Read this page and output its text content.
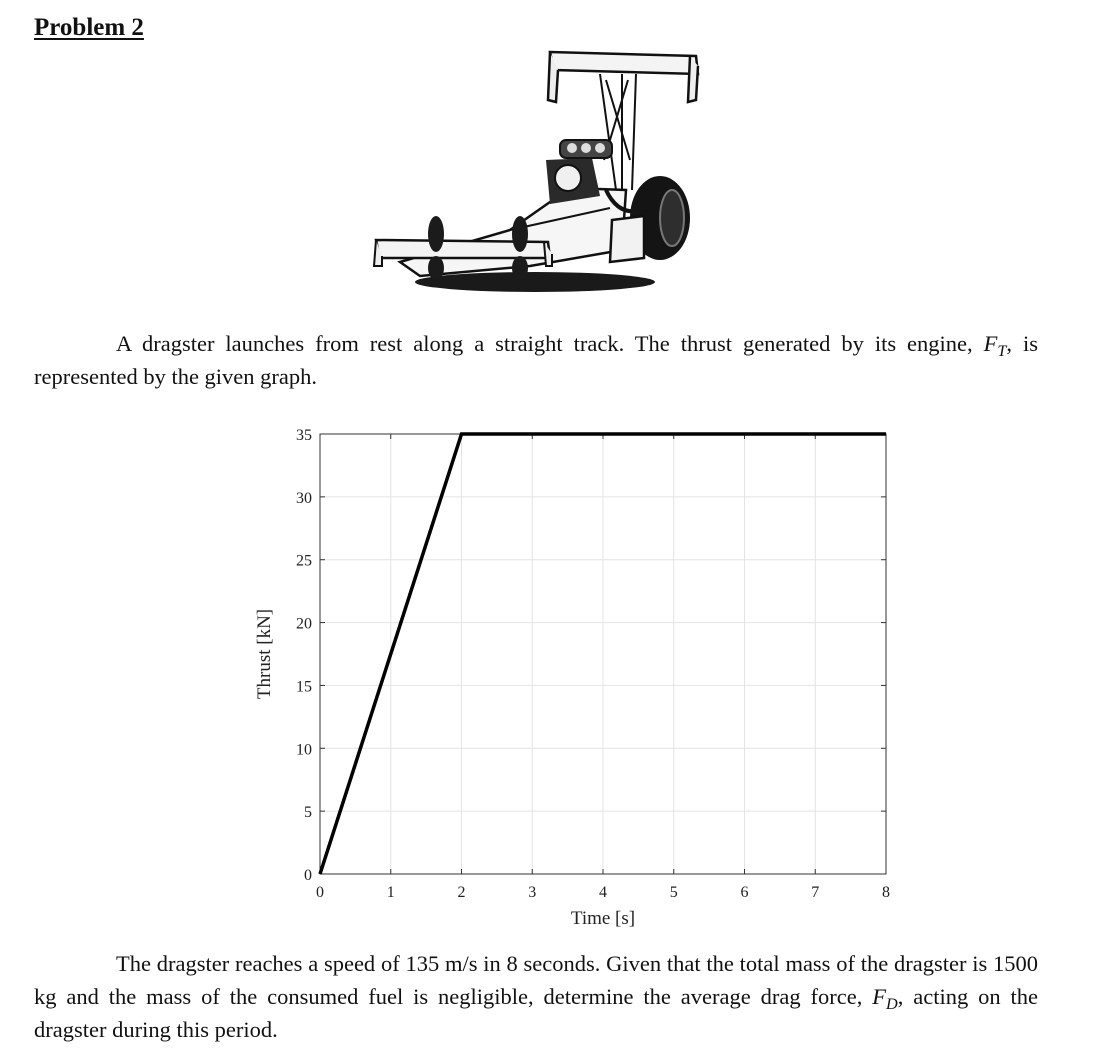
Problem 2
A dragster launches from rest along a straight track. The thrust generated by its engine, $F_T$, is represented by the given graph.
0	1	2	3	4	5	6	7	8
0
5
10
15
20
25
30
35
Time [s]
Thrust [kN]
The dragster reaches a speed of 135 m/s in 8 seconds. Given that the total mass of the dragster is 1500 kg and the mass of the consumed fuel is negligible, determine the average drag force, $F_D$, acting on the dragster during this period.
